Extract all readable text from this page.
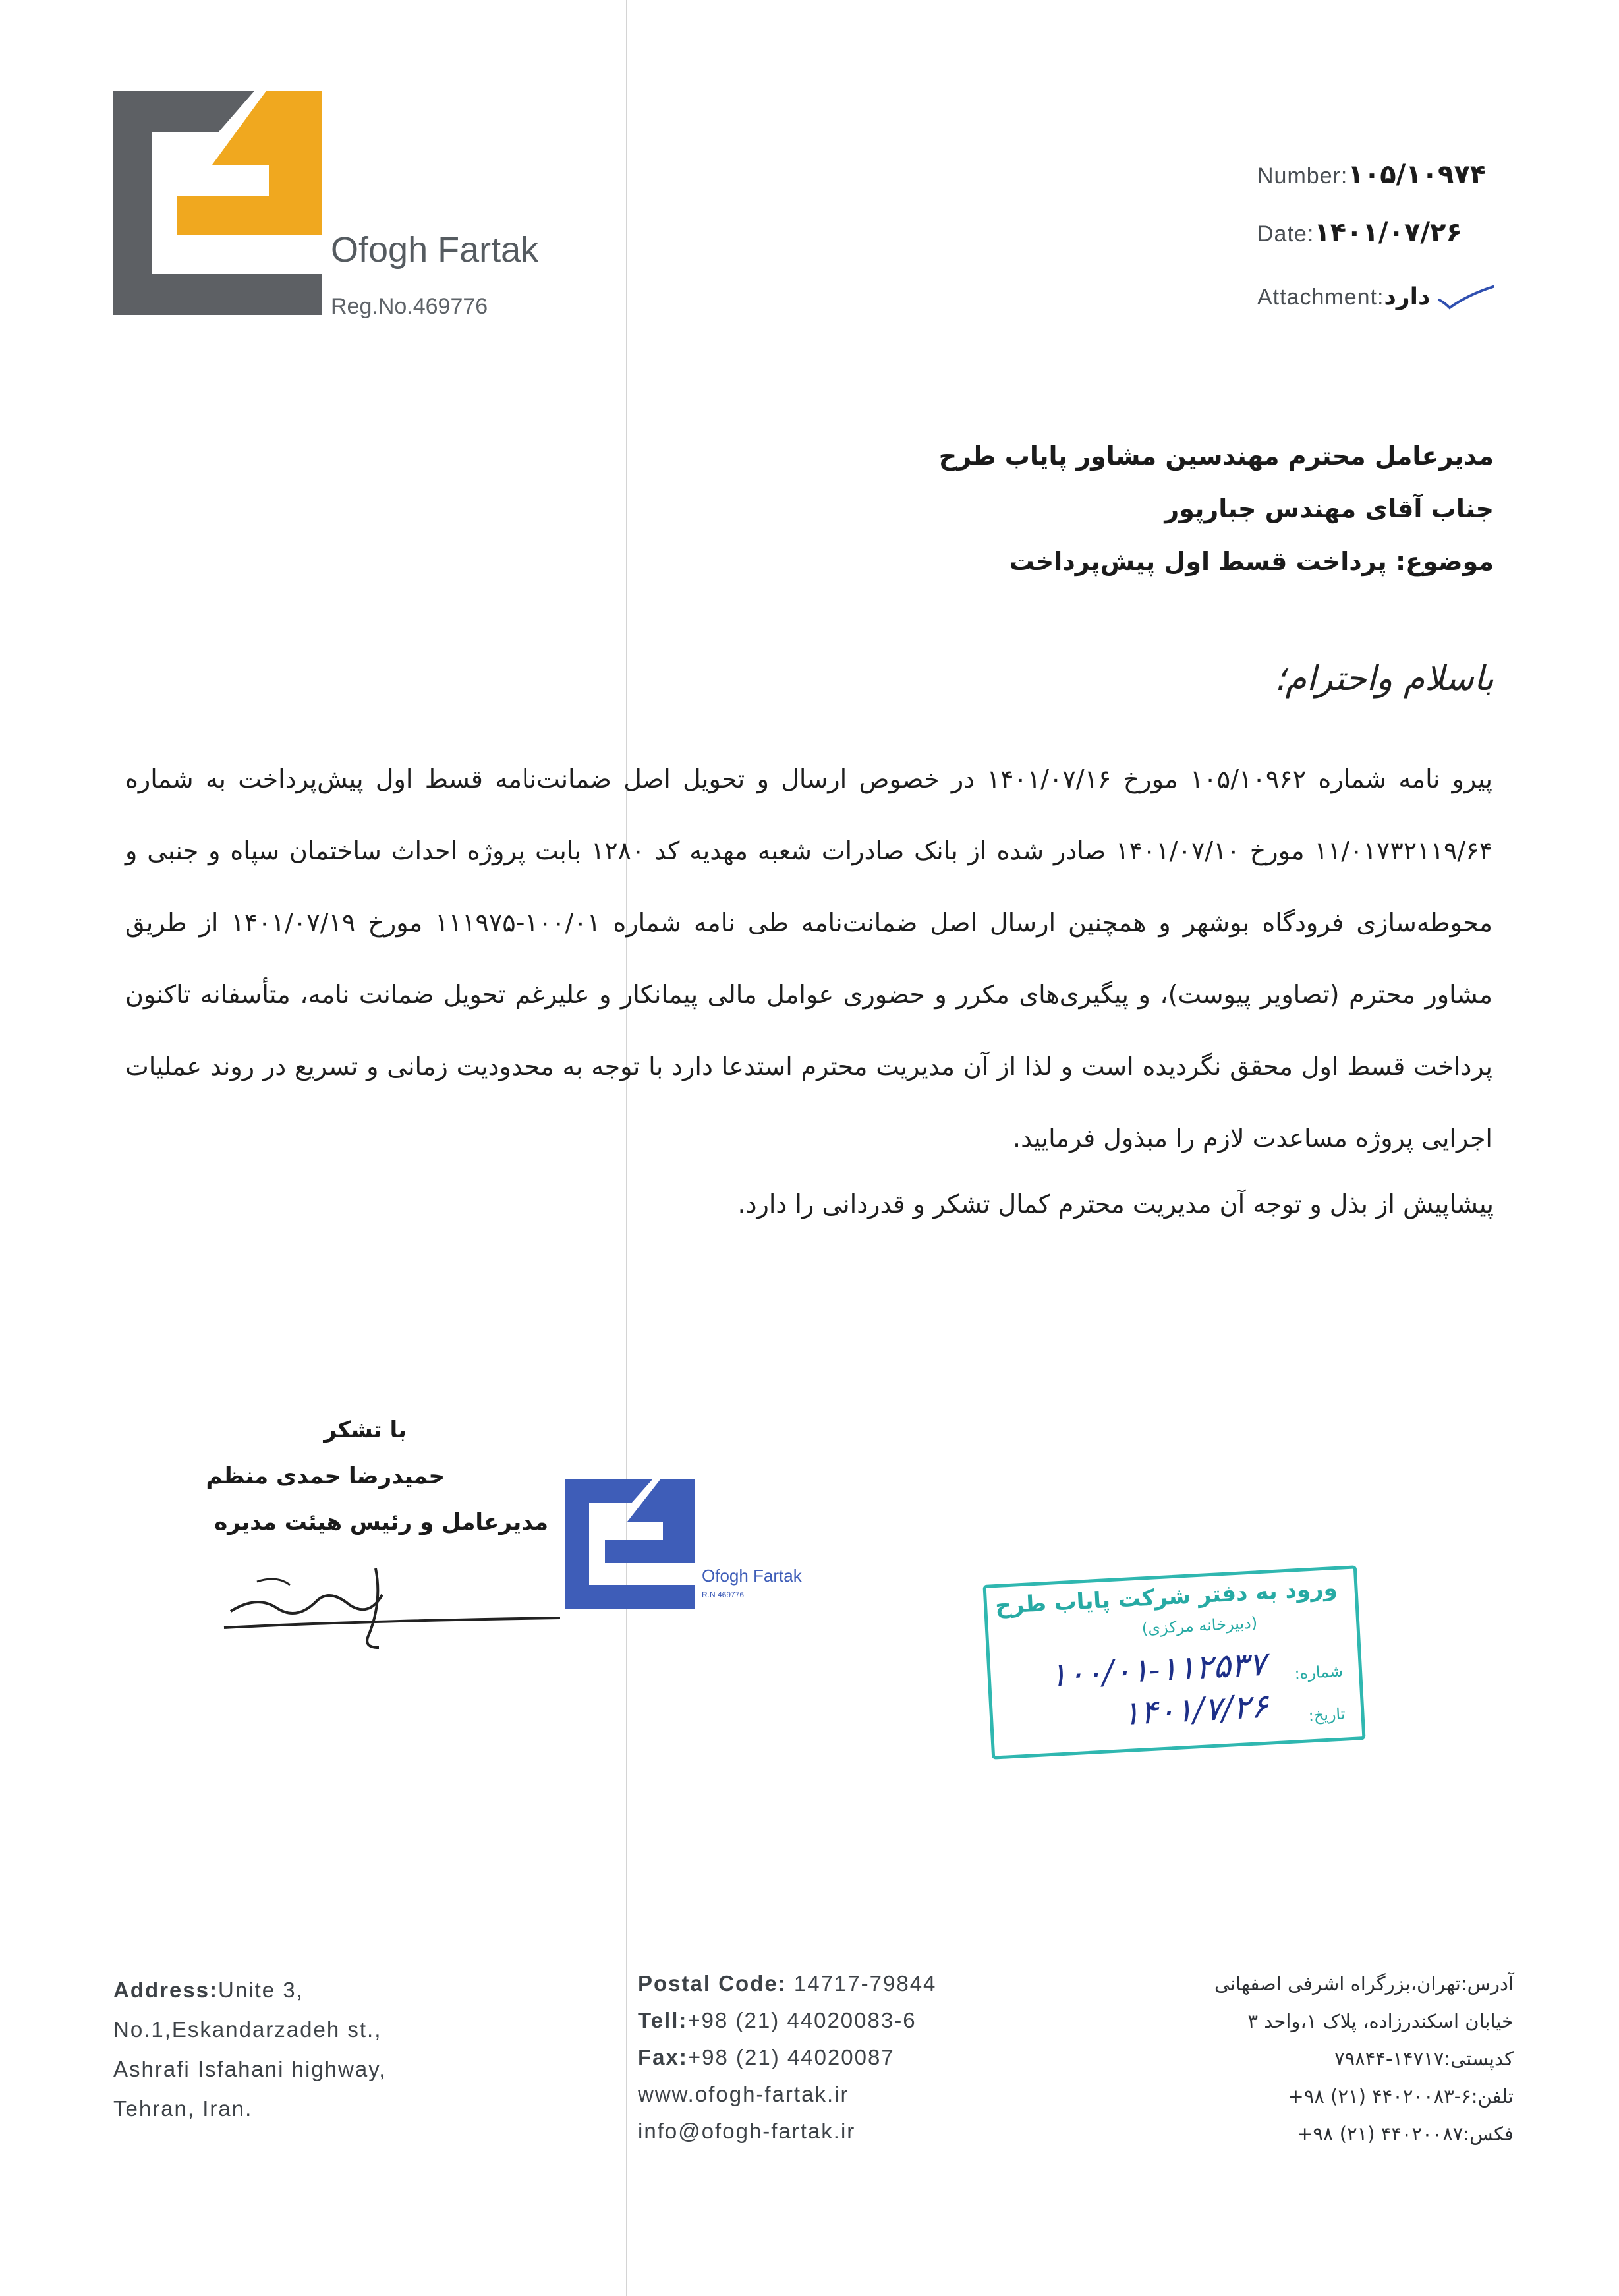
Ofogh Fartak
Reg.No.469776
Number:۱۰۵/۱۰۹۷۴
Date:۱۴۰۱/۰۷/۲۶
Attachment:دارد
مدیرعامل محترم مهندسین مشاور پایاب طرح
جناب آقای مهندس جبارپور
موضوع: پرداخت قسط اول پیش‌پرداخت
باسلام واحترام؛
پیرو نامه شماره ۱۰۵/۱۰۹۶۲ مورخ ۱۴۰۱/۰۷/۱۶ در خصوص ارسال و تحویل اصل ضمانت‌نامه قسط اول پیش‌پرداخت به شماره ۱۱/۰۱۷۳۲۱۱۹/۶۴ مورخ ۱۴۰۱/۰۷/۱۰ صادر شده از بانک صادرات شعبه مهدیه کد ۱۲۸۰ بابت پروژه احداث ساختمان سپاه و جنبی و محوطه‌سازی فرودگاه بوشهر و همچنین ارسال اصل ضمانت‌نامه طی نامه شماره ۱۰۰/۰۱-۱۱۱۹۷۵ مورخ ۱۴۰۱/۰۷/۱۹ از طریق مشاور محترم (تصاویر پیوست)، و پیگیری‌های مکرر و حضوری عوامل مالی پیمانکار و علیرغم تحویل ضمانت نامه، متأسفانه تاکنون پرداخت قسط اول محقق نگردیده است و لذا از آن مدیریت محترم استدعا دارد با توجه به محدودیت زمانی و تسریع در روند عملیات اجرایی پروژه مساعدت لازم را مبذول فرمایید.
پیشاپیش از بذل و توجه آن مدیریت محترم کمال تشکر و قدردانی را دارد.
با تشکر
حمیدرضا حمدی منظم
مدیرعامل و رئیس هیئت مدیره
Ofogh Fartak
R.N 469776	ورود به دفتر شرکت پایاب طرح
(دبیرخانه مرکزی)
شماره:
۱۰۰/۰۱-۱۱۲۵۳۷
تاریخ:
۱۴۰۱/۷/۲۶
Address:Unite 3,
No.1,Eskandarzadeh st.,
Ashrafi Isfahani highway,
Tehran, Iran.
Postal Code: 14717-79844
Tell:+98 (21) 44020083-6
Fax:+98 (21) 44020087
www.ofogh-fartak.ir
info@ofogh-fartak.ir
آدرس:تهران،بزرگراه اشرفی اصفهانی
خیابان اسکندرزاده، پلاک ۱،واحد ۳
کدپستی:۱۴۷۱۷-۷۹۸۴۴
تلفن:۶-۴۴۰۲۰۰۸۳ (۲۱) ۹۸+
فکس:۴۴۰۲۰۰۸۷ (۲۱) ۹۸+
